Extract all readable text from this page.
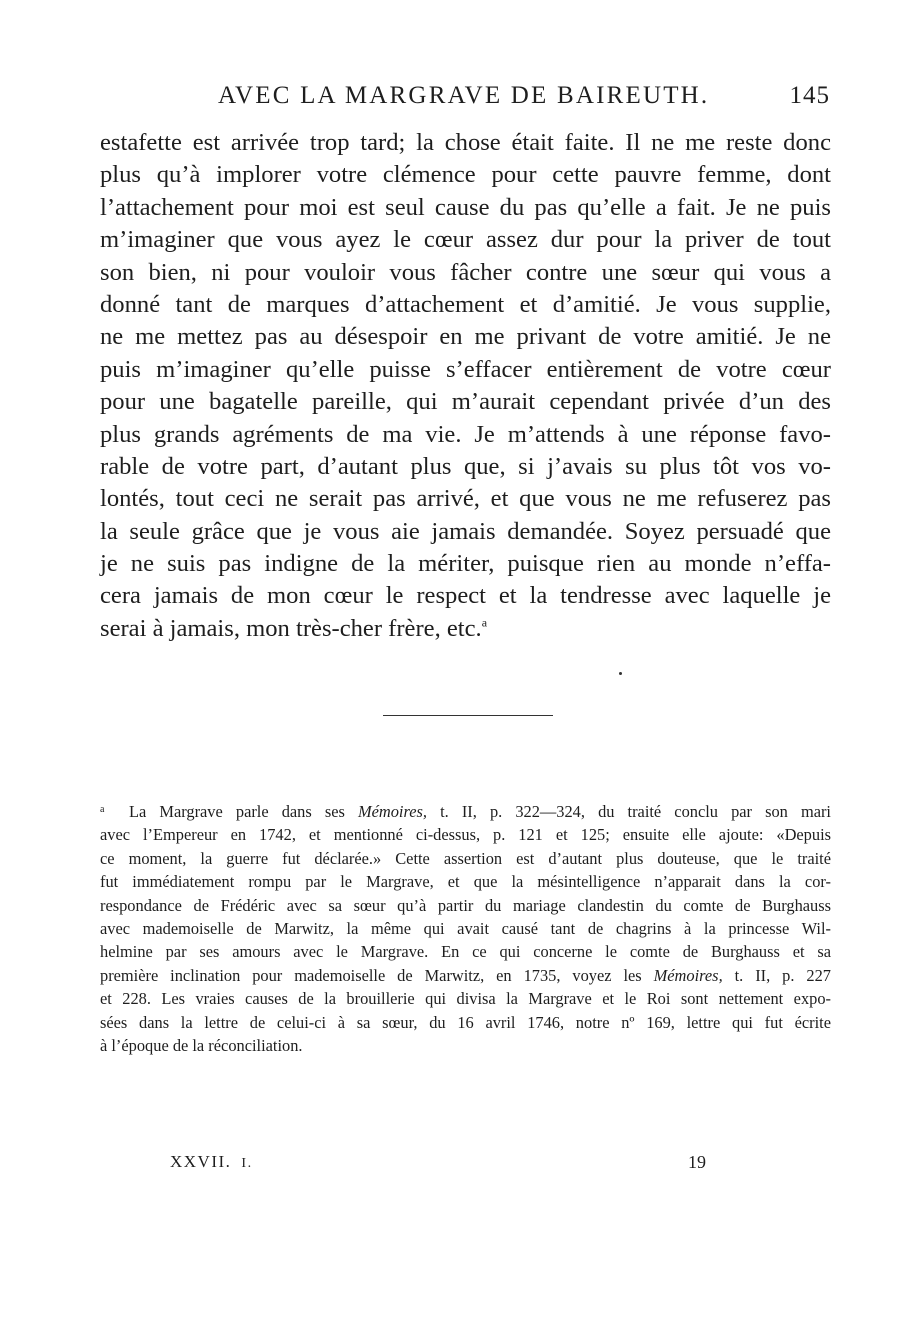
AVEC LA MARGRAVE DE BAIREUTH.	145
estafette est arrivée trop tard; la chose était faite. Il ne me reste donc
plus qu’à implorer votre clémence pour cette pauvre femme, dont
l’attachement pour moi est seul cause du pas qu’elle a fait. Je ne puis
m’imaginer que vous ayez le cœur assez dur pour la priver de tout
son bien, ni pour vouloir vous fâcher contre une sœur qui vous a
donné tant de marques d’attachement et d’amitié. Je vous supplie,
ne me mettez pas au désespoir en me privant de votre amitié. Je ne
puis m’imaginer qu’elle puisse s’effacer entièrement de votre cœur
pour une bagatelle pareille, qui m’aurait cependant privée d’un des
plus grands agréments de ma vie. Je m’attends à une réponse favo-
rable de votre part, d’autant plus que, si j’avais su plus tôt vos vo-
lontés, tout ceci ne serait pas arrivé, et que vous ne me refuserez pas
la seule grâce que je vous aie jamais demandée. Soyez persuadé que
je ne suis pas indigne de la mériter, puisque rien au monde n’effa-
cera jamais de mon cœur le respect et la tendresse avec laquelle je
serai à jamais, mon très-cher frère, etc.$^a$
$^a$ La Margrave parle dans ses Mémoires, t. II, p. 322—324, du traité conclu par son mari
avec l’Empereur en 1742, et mentionné ci-dessus, p. 121 et 125; ensuite elle ajoute: «Depuis
ce moment, la guerre fut déclarée.» Cette assertion est d’autant plus douteuse, que le traité
fut immédiatement rompu par le Margrave, et que la mésintelligence n’apparait dans la cor-
respondance de Frédéric avec sa sœur qu’à partir du mariage clandestin du comte de Burghauss
avec mademoiselle de Marwitz, la même qui avait causé tant de chagrins à la princesse Wil-
helmine par ses amours avec le Margrave. En ce qui concerne le comte de Burghauss et sa
première inclination pour mademoiselle de Marwitz, en 1735, voyez les Mémoires, t. II, p. 227
et 228. Les vraies causes de la brouillerie qui divisa la Margrave et le Roi sont nettement expo-
sées dans la lettre de celui-ci à sa sœur, du 16 avril 1746, notre nº 169, lettre qui fut écrite
à l’époque de la réconciliation.
XXVII. I.	19
